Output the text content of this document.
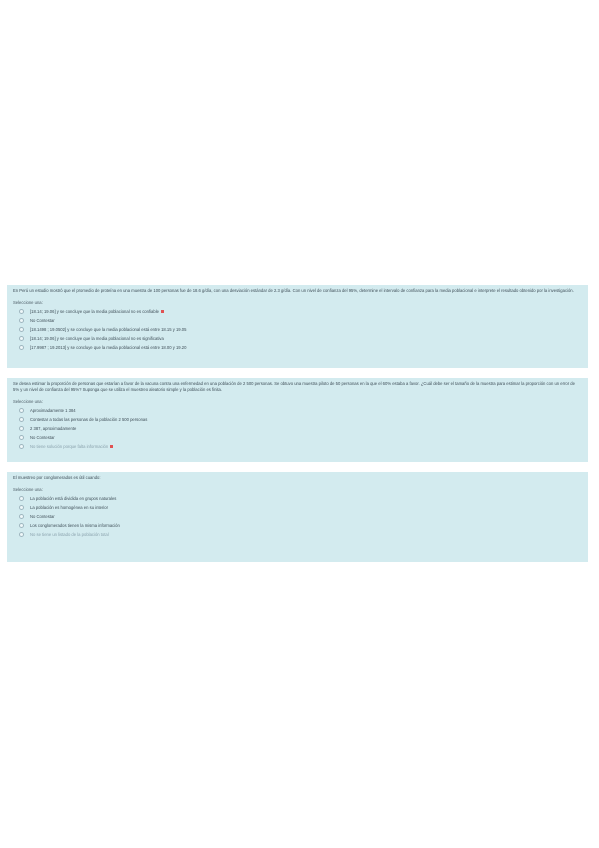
En Perú un estudio mostró que el promedio de proteína en una muestra de 100 personas fue de 18.6 g/día, con una desviación estándar de 2.3 g/día. Con un nivel de confianza del 95%, determine el intervalo de confianza para la media poblacional e interprete el resultado obtenido por la investigación.

Seleccione una:

[18.14; 19.06] y se concluye que la media poblacional no es confiable
No Contestar
[18.1498 ; 19.0502] y se concluye que la media poblacional está entre 18.15 y 19.05
[18.14; 19.06] y se concluye que la media poblacional no es significativa
[17.9987 ; 19.2013] y se concluye que la media poblacional está entre 18.00 y 19.20

Se desea estimar la proporción de personas que estarían a favor de la vacuna contra una enfermedad en una población de 2 500 personas. Se obtuvo una muestra piloto de 50 personas en la que el 60% estaba a favor. ¿Cuál debe ser el tamaño de la muestra para estimar la proporción con un error de 5% y un nivel de confianza del 95%? Suponga que se utiliza el muestreo aleatorio simple y la población es finita.

Seleccione una:

Aproximadamente 1 384
Contestar a todas las personas de la población 2 500 personas
2 387, aproximadamente
No Contestar
No tiene solución porque falta información

El muestreo por conglomerados es útil cuando:

Seleccione una:

La población está dividida en grupos naturales
La población es homogénea en su interior
No Contestar
Los conglomerados tienen la misma información
No se tiene un listado de la población total
